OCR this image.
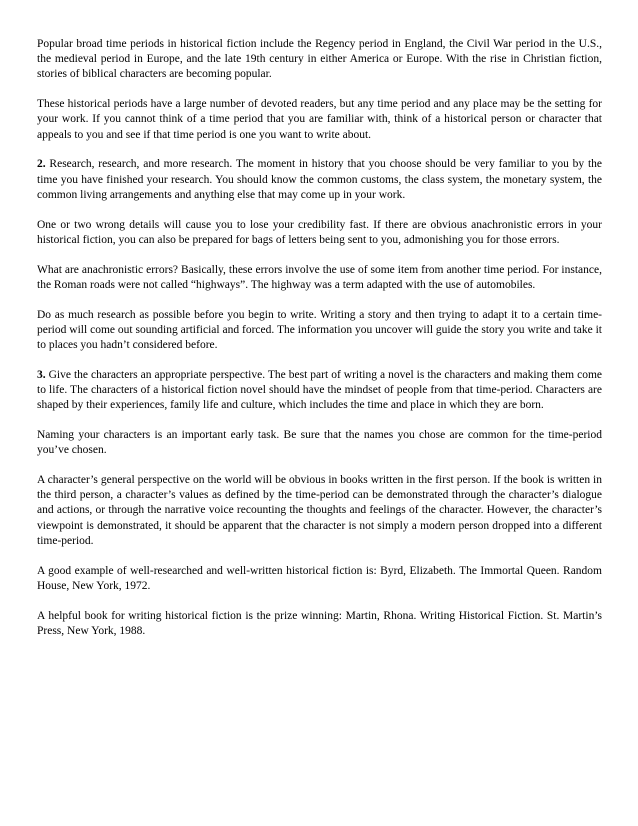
Popular broad time periods in historical fiction include the Regency period in England, the Civil War period in the U.S., the medieval period in Europe, and the late 19th century in either America or Europe. With the rise in Christian fiction, stories of biblical characters are becoming popular.

These historical periods have a large number of devoted readers, but any time period and any place may be the setting for your work. If you cannot think of a time period that you are familiar with, think of a historical person or character that appeals to you and see if that time period is one you want to write about.

2. Research, research, and more research. The moment in history that you choose should be very familiar to you by the time you have finished your research. You should know the common customs, the class system, the monetary system, the common living arrangements and anything else that may come up in your work.

One or two wrong details will cause you to lose your credibility fast. If there are obvious anachronistic errors in your historical fiction, you can also be prepared for bags of letters being sent to you, admonishing you for those errors.

What are anachronistic errors? Basically, these errors involve the use of some item from another time period. For instance, the Roman roads were not called “highways”. The highway was a term adapted with the use of automobiles.

Do as much research as possible before you begin to write. Writing a story and then trying to adapt it to a certain time-period will come out sounding artificial and forced. The information you uncover will guide the story you write and take it to places you hadn’t considered before.

3. Give the characters an appropriate perspective. The best part of writing a novel is the characters and making them come to life. The characters of a historical fiction novel should have the mindset of people from that time-period. Characters are shaped by their experiences, family life and culture, which includes the time and place in which they are born.

Naming your characters is an important early task. Be sure that the names you chose are common for the time-period you’ve chosen.

A character’s general perspective on the world will be obvious in books written in the first person. If the book is written in the third person, a character’s values as defined by the time-period can be demonstrated through the character’s dialogue and actions, or through the narrative voice recounting the thoughts and feelings of the character. However, the character’s viewpoint is demonstrated, it should be apparent that the character is not simply a modern person dropped into a different time-period.

A good example of well-researched and well-written historical fiction is: Byrd, Elizabeth. The Immortal Queen. Random House, New York, 1972.

A helpful book for writing historical fiction is the prize winning: Martin, Rhona. Writing Historical Fiction. St. Martin’s Press, New York, 1988.
